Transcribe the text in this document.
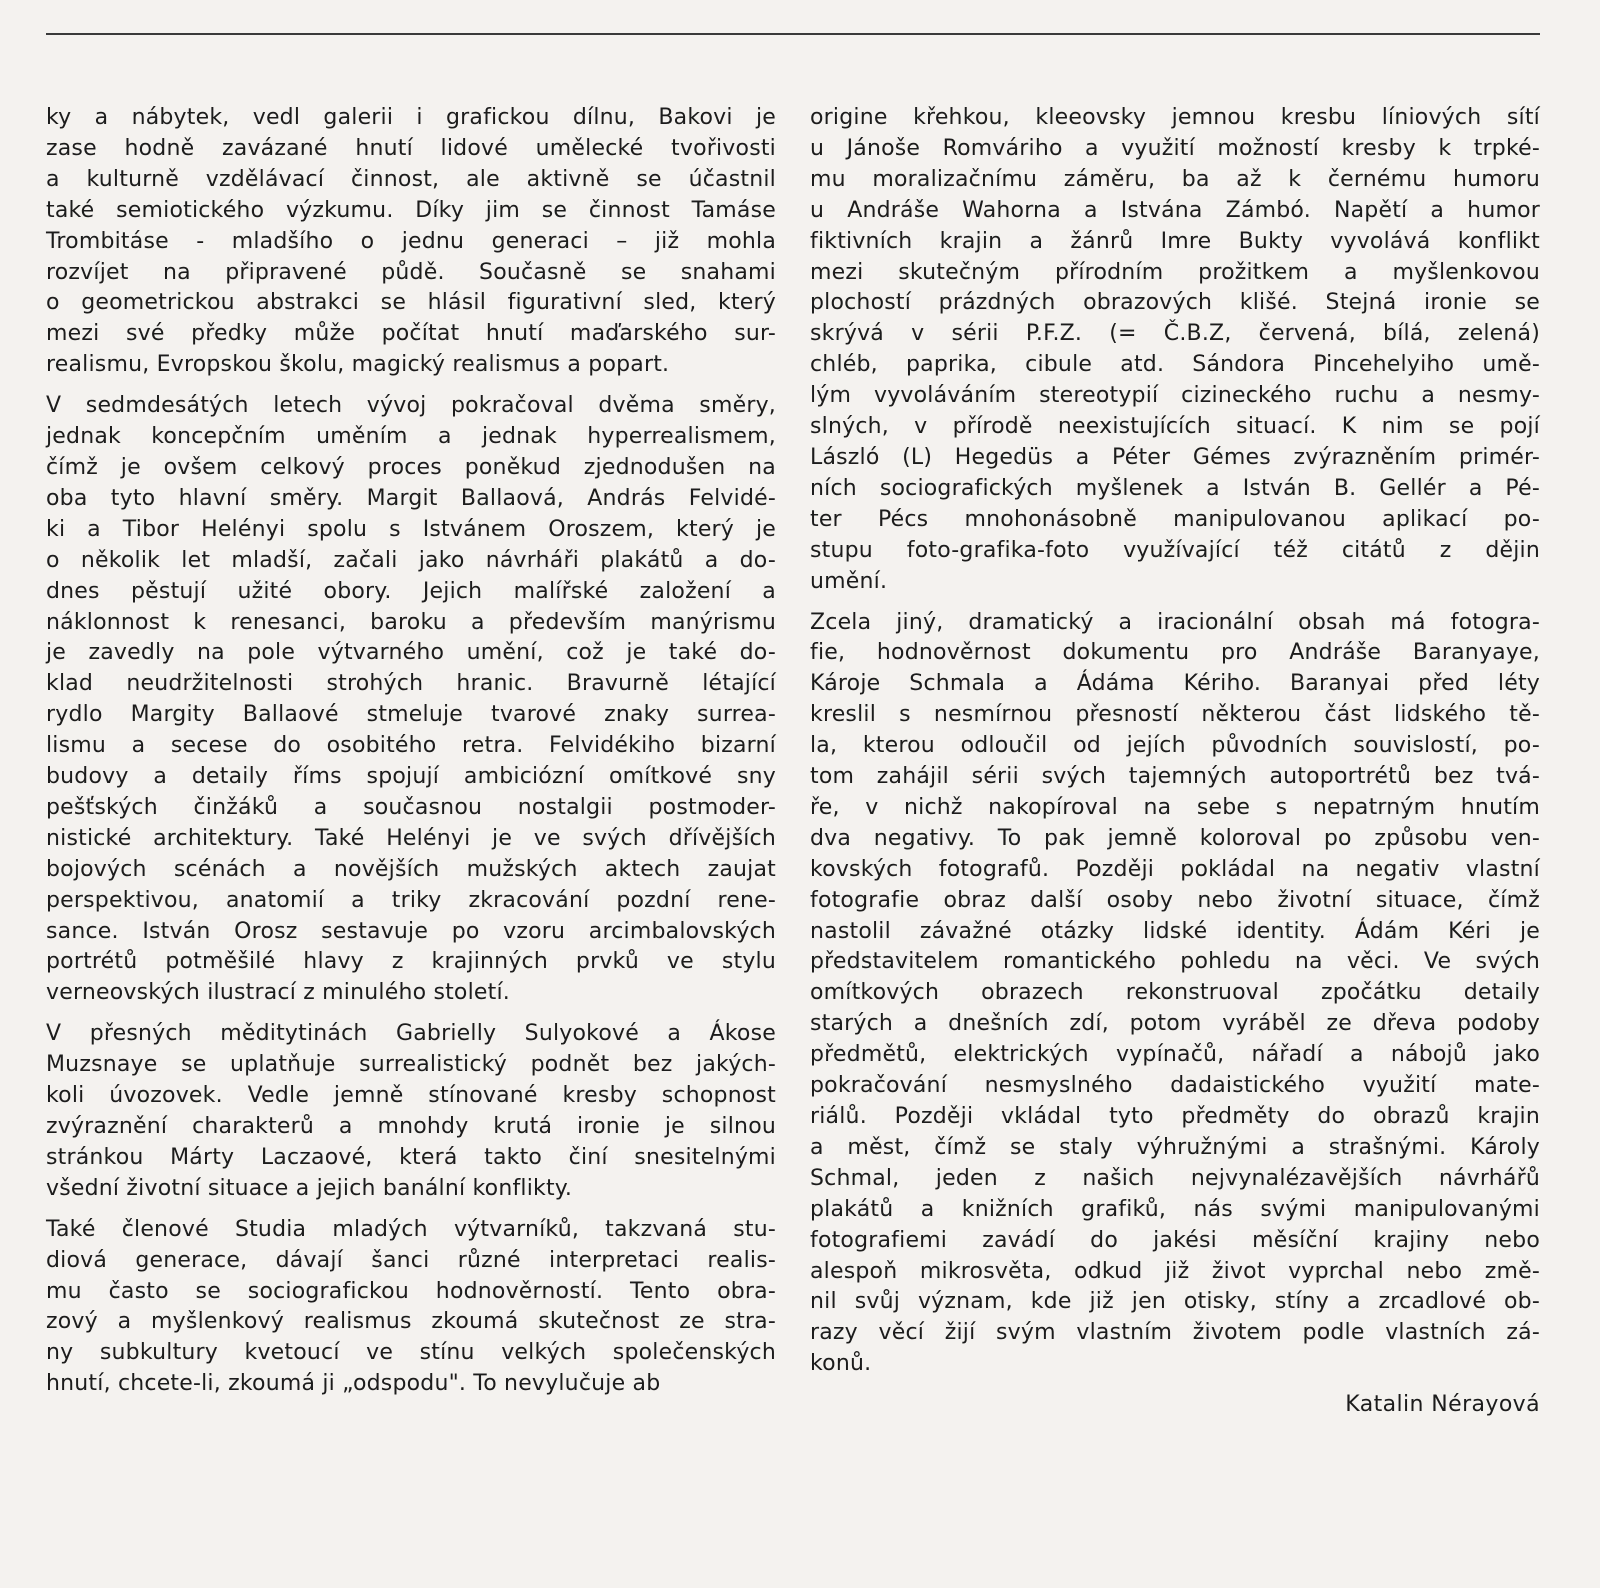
ky a nábytek, vedl galerii i grafickou dílnu, Bakovi je
zase hodně zavázané hnutí lidové umělecké tvořivosti
a kulturně vzdělávací činnost, ale aktivně se účastnil
také semiotického výzkumu. Díky jim se činnost Tamáse
Trombitáse - mladšího o jednu generaci – již mohla
rozvíjet na připravené půdě. Současně se snahami
o geometrickou abstrakci se hlásil figurativní sled, který
mezi své předky může počítat hnutí maďarského sur-
realismu, Evropskou školu, magický realismus a popart.
V sedmdesátých letech vývoj pokračoval dvěma směry,
jednak koncepčním uměním a jednak hyperrealismem,
čímž je ovšem celkový proces poněkud zjednodušen na
oba tyto hlavní směry. Margit Ballaová, András Felvidé-
ki a Tibor Helényi spolu s Istvánem Oroszem, který je
o několik let mladší, začali jako návrháři plakátů a do-
dnes pěstují užité obory. Jejich malířské založení a
náklonnost k renesanci, baroku a především manýrismu
je zavedly na pole výtvarného umění, což je také do-
klad neudržitelnosti strohých hranic. Bravurně létající
rydlo Margity Ballaové stmeluje tvarové znaky surrea-
lismu a secese do osobitého retra. Felvidékiho bizarní
budovy a detaily říms spojují ambiciózní omítkové sny
pešťských činžáků a současnou nostalgii postmoder-
nistické architektury. Také Helényi je ve svých dřívějších
bojových scénách a novějších mužských aktech zaujat
perspektivou, anatomií a triky zkracování pozdní rene-
sance. István Orosz sestavuje po vzoru arcimbalovských
portrétů potměšilé hlavy z krajinných prvků ve stylu
verneovských ilustrací z minulého století.
V přesných měditytinách Gabrielly Sulyokové a Ákose
Muzsnaye se uplatňuje surrealistický podnět bez jakých-
koli úvozovek. Vedle jemně stínované kresby schopnost
zvýraznění charakterů a mnohdy krutá ironie je silnou
stránkou Márty Laczaové, která takto činí snesitelnými
všední životní situace a jejich banální konflikty.
Také členové Studia mladých výtvarníků, takzvaná stu-
diová generace, dávají šanci různé interpretaci realis-
mu často se sociografickou hodnověrností. Tento obra-
zový a myšlenkový realismus zkoumá skutečnost ze stra-
ny subkultury kvetoucí ve stínu velkých společenských
hnutí, chcete-li, zkoumá ji „odspodu". To nevylučuje ab
origine křehkou, kleeovsky jemnou kresbu líniových sítí
u Jánoše Romváriho a využití možností kresby k trpké-
mu moralizačnímu záměru, ba až k černému humoru
u Andráše Wahorna a Istvána Zámbó. Napětí a humor
fiktivních krajin a žánrů Imre Bukty vyvolává konflikt
mezi skutečným přírodním prožitkem a myšlenkovou
plochostí prázdných obrazových klišé. Stejná ironie se
skrývá v sérii P.F.Z. (= Č.B.Z, červená, bílá, zelená)
chléb, paprika, cibule atd. Sándora Pincehelyiho umě-
lým vyvoláváním stereotypií cizineckého ruchu a nesmy-
slných, v přírodě neexistujících situací. K nim se pojí
László (L) Hegedüs a Péter Gémes zvýrazněním primér-
ních sociografických myšlenek a István B. Gellér a Pé-
ter Pécs mnohonásobně manipulovanou aplikací po-
stupu foto-grafika-foto využívající též citátů z dějin
umění.
Zcela jiný, dramatický a iracionální obsah má fotogra-
fie, hodnověrnost dokumentu pro Andráše Baranyaye,
Károje Schmala a Ádáma Kériho. Baranyai před léty
kreslil s nesmírnou přesností některou část lidského tě-
la, kterou odloučil od jejích původních souvislostí, po-
tom zahájil sérii svých tajemných autoportrétů bez tvá-
ře, v nichž nakopíroval na sebe s nepatrným hnutím
dva negativy. To pak jemně koloroval po způsobu ven-
kovských fotografů. Později pokládal na negativ vlastní
fotografie obraz další osoby nebo životní situace, čímž
nastolil závažné otázky lidské identity. Ádám Kéri je
představitelem romantického pohledu na věci. Ve svých
omítkových obrazech rekonstruoval zpočátku detaily
starých a dnešních zdí, potom vyráběl ze dřeva podoby
předmětů, elektrických vypínačů, nářadí a nábojů jako
pokračování nesmyslného dadaistického využití mate-
riálů. Později vkládal tyto předměty do obrazů krajin
a měst, čímž se staly výhružnými a strašnými. Károly
Schmal, jeden z našich nejvynalézavějších návrhářů
plakátů a knižních grafiků, nás svými manipulovanými
fotografiemi zavádí do jakési měsíční krajiny nebo
alespoň mikrosvěta, odkud již život vyprchal nebo změ-
nil svůj význam, kde již jen otisky, stíny a zrcadlové ob-
razy věcí žijí svým vlastním životem podle vlastních zá-
konů.
Katalin Nérayová
